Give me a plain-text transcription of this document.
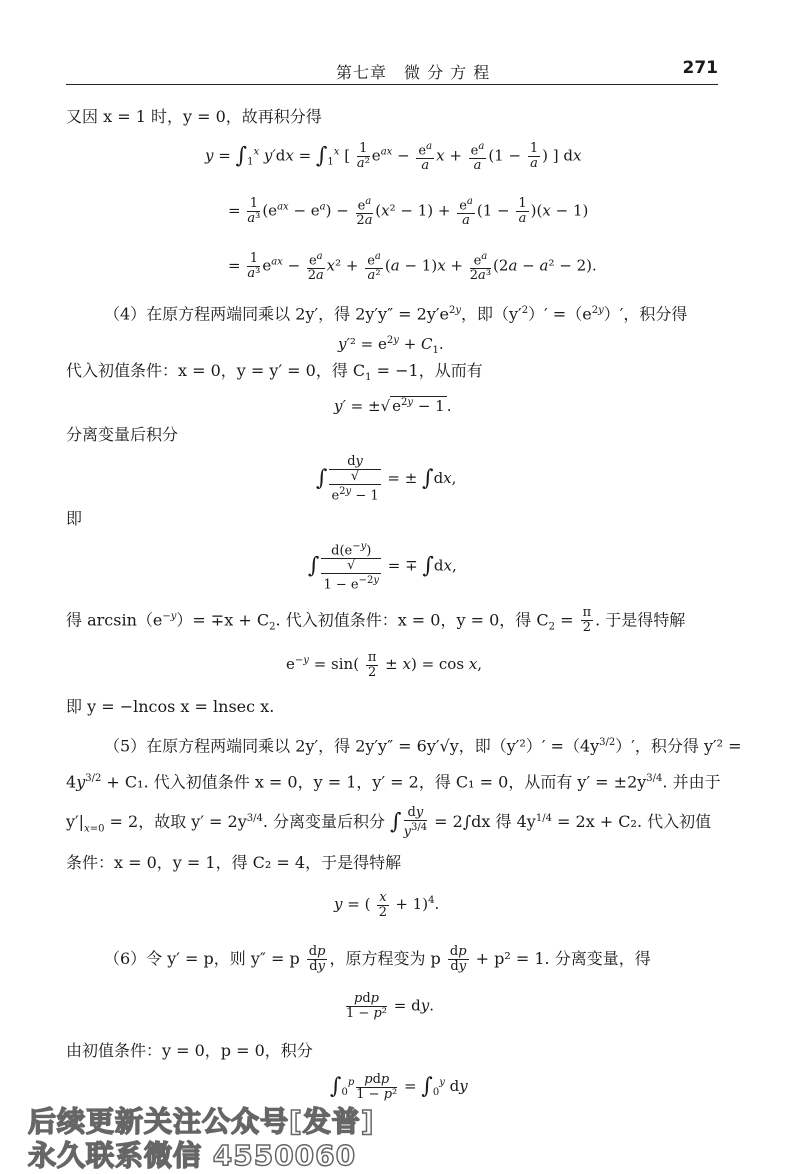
第七章　微 分 方 程	271
又因 x = 1 时，y = 0，故再积分得
$y = \int_1^x$ $y'dx = \int_1^x$ [ $\frac{1}{\text{a²}} e^{ax} - \frac{e^a}{a}$ $x + \frac{e^a}{a} (1 - \frac{1}{a}$ ) ] dx
= $\frac{1}{\text{a³}} (e^{ax} - e^a) - \frac{e^a}{2a} (x^2 - 1) + \frac{e^a}{a} (1 - \frac{1}{a} )(x - 1)$
= $\frac{1}{\text{a³}} e^{ax} - \frac{e^a}{2a} x^2 + \frac{e^a}{\text{a²}} (a - 1)x + \frac{e^a}{\text{2a³}} (2a - a^2 - 2)$.
（4）在原方程两端同乘以 2y′，得 $2y'y'' = 2y'e^{2y}$，即$(y'^2)' =(e^{2y})'$，积分得
$y'^2 = e^{2y} + C_1$.
代入初值条件：x = 0，y = y′ = 0，得 $C_1 = -1$，从而有
y′ = ±√ $e^{2y} - 1$ .
分离变量后积分
∫ dy
√
$e^{2y} - 1$ = ± ∫dx,
即
∫ $d(e^{-y})$
√
$1 - e^{-2y}$ = ∓ ∫dx,
得 $\arcsin(e^{-y})= \mp x + C_2$. 代入初值条件：x = 0，y = 0，得 $C_2 = \frac{\pi}{2}$ . 于是得特解
$e^{-y} = \sin( \frac{\pi}{2} \pm x) = \cos x$,
即 y = −lncos x = lnsec x.
（5）在原方程两端同乘以 2y′，得 2y′y″ = 6y′√y，即$(y'^2)' =(4y^{3/2})'$，积分得 y′² =
$4y^{3/2} + C_1$. 代入初值条件 x = 0，y = 1，y′ = 2，得 C₁ = 0，从而有 $y' = \pm 2y^{3/4}$. 并由于
$y'|_{x=0} = 2$，故取 $y' = 2y^{3/4}$. 分离变量后积分 ∫ $\frac{dy}{y^{3/4}} = 2\int dx$ 得 $4y^{1/4} = 2x + C_2$. 代入初值
条件：x = 0，y = 1，得 C₂ = 4，于是得特解
y = ( $\frac{x}{2} + 1)^4$.
（6）令 y′ = p，则 y″ = p $\frac{dp}{dy}$ ，原方程变为 p $\frac{dp}{dy} + p^2 = 1$. 分离变量，得
$\frac{\text{pdp}}{\text{1 − p²}}$ = dy.
由初值条件：y = 0，p = 0，积分
$\int_0^p \frac{\text{pdp}}{\text{1 − p²}} = \int_0^y$ dy
后续更新关注公众号[发普]
永久联系微信 4550060
